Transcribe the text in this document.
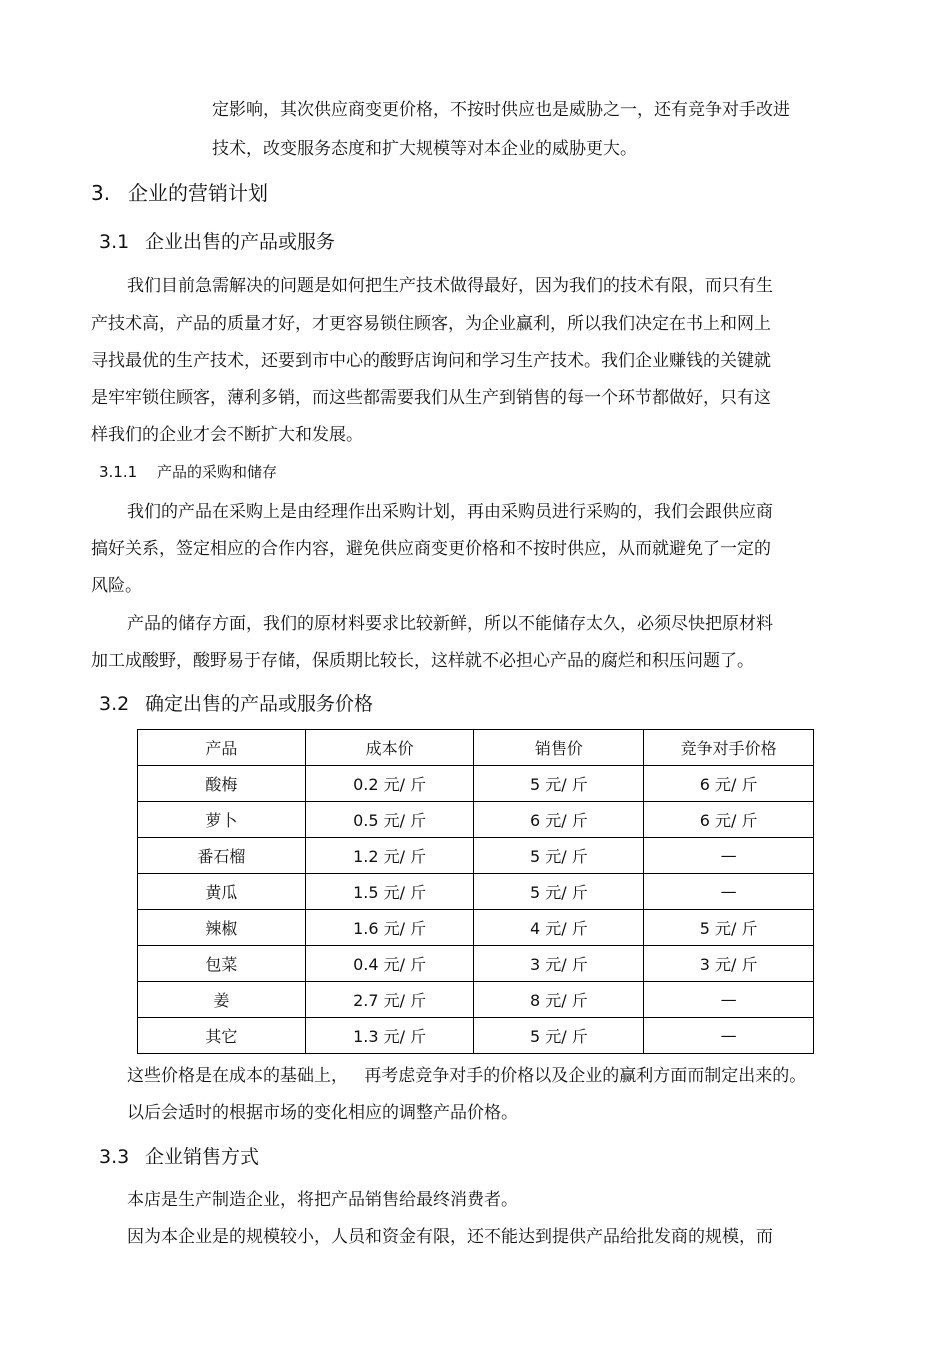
定影响，其次供应商变更价格，不按时供应也是威胁之一，还有竞争对手改进
技术，改变服务态度和扩大规模等对本企业的威胁更大。
3. 企业的营销计划
3.1 企业出售的产品或服务
我们目前急需解决的问题是如何把生产技术做得最好，因为我们的技术有限，而只有生
产技术高，产品的质量才好，才更容易锁住顾客，为企业赢利，所以我们决定在书上和网上
寻找最优的生产技术，还要到市中心的酸野店询问和学习生产技术。我们企业赚钱的关键就
是牢牢锁住顾客，薄利多销，而这些都需要我们从生产到销售的每一个环节都做好，只有这
样我们的企业才会不断扩大和发展。
3.1.1 产品的采购和储存
我们的产品在采购上是由经理作出采购计划，再由采购员进行采购的，我们会跟供应商
搞好关系，签定相应的合作内容，避免供应商变更价格和不按时供应，从而就避免了一定的
风险。
产品的储存方面，我们的原材料要求比较新鲜，所以不能储存太久，必须尽快把原材料
加工成酸野，酸野易于存储，保质期比较长，这样就不必担心产品的腐烂和积压问题了。
3.2 确定出售的产品或服务价格
产品	成本价	销售价	竞争对手价格
酸梅	0.2 元/ 斤	5 元/ 斤	6 元/ 斤
萝卜	0.5 元/ 斤	6 元/ 斤	6 元/ 斤
番石榴	1.2 元/ 斤	5 元/ 斤	—
黄瓜	1.5 元/ 斤	5 元/ 斤	—
辣椒	1.6 元/ 斤	4 元/ 斤	5 元/ 斤
包菜	0.4 元/ 斤	3 元/ 斤	3 元/ 斤
姜	2.7 元/ 斤	8 元/ 斤	—
其它	1.3 元/ 斤	5 元/ 斤	—
这些价格是在成本的基础上，   再考虑竞争对手的价格以及企业的赢利方面而制定出来的。
以后会适时的根据市场的变化相应的调整产品价格。
3.3 企业销售方式
本店是生产制造企业，将把产品销售给最终消费者。
因为本企业是的规模较小，人员和资金有限，还不能达到提供产品给批发商的规模，而
